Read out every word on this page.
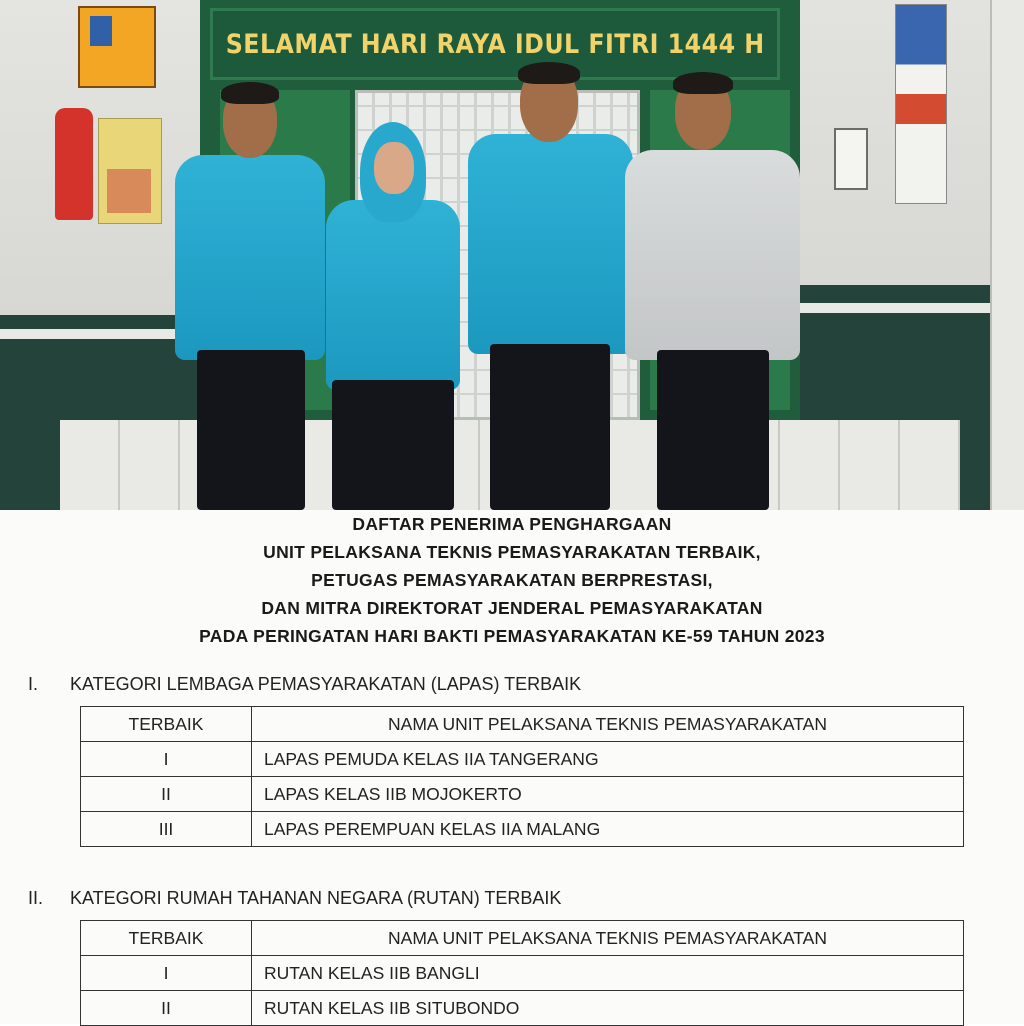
SELAMAT HARI RAYA IDUL FITRI 1444 H
DAFTAR PENERIMA PENGHARGAAN
UNIT PELAKSANA TEKNIS PEMASYARAKATAN TERBAIK,
PETUGAS PEMASYARAKATAN BERPRESTASI,
DAN MITRA DIREKTORAT JENDERAL PEMASYARAKATAN
PADA PERINGATAN HARI BAKTI PEMASYARAKATAN KE-59 TAHUN 2023
I. KATEGORI LEMBAGA PEMASYARAKATAN (LAPAS) TERBAIK
TERBAIK	NAMA UNIT PELAKSANA TEKNIS PEMASYARAKATAN
I	LAPAS PEMUDA KELAS IIA TANGERANG
II	LAPAS KELAS IIB MOJOKERTO
III	LAPAS PEREMPUAN KELAS IIA MALANG
II. KATEGORI RUMAH TAHANAN NEGARA (RUTAN) TERBAIK
TERBAIK	NAMA UNIT PELAKSANA TEKNIS PEMASYARAKATAN
I	RUTAN KELAS IIB BANGLI
II	RUTAN KELAS IIB SITUBONDO
